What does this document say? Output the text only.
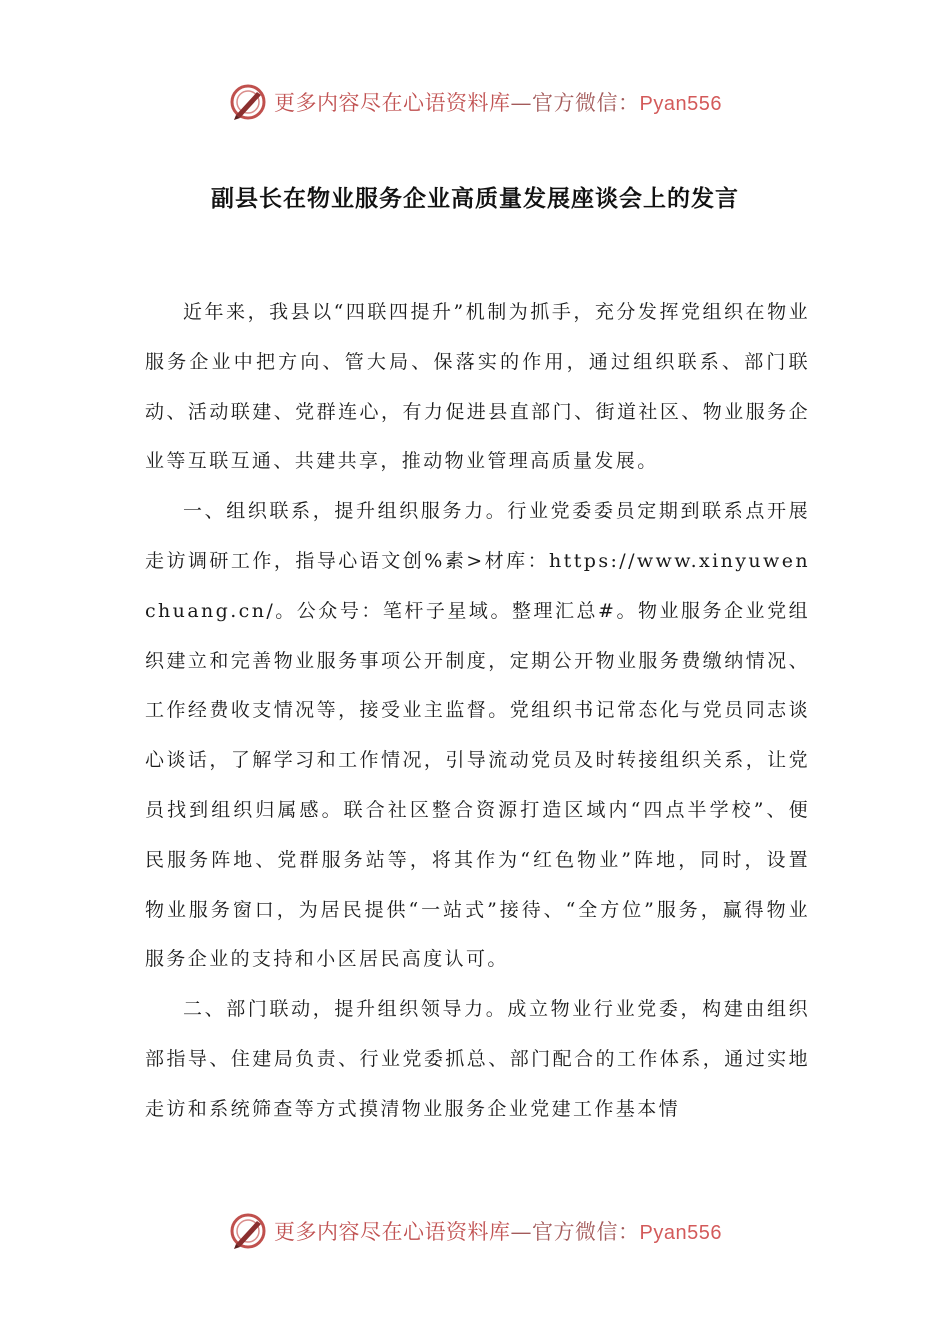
更多内容尽在心语资料库—官方微信：Pyan556
副县长在物业服务企业高质量发展座谈会上的发言

近年来，我县以“四联四提升”机制为抓手，充分发挥党组织在物业服务企业中把方向、管大局、保落实的作用，通过组织联系、部门联动、活动联建、党群连心，有力促进县直部门、街道社区、物业服务企业等互联互通、共建共享，推动物业管理高质量发展。

一、组织联系，提升组织服务力。行业党委委员定期到联系点开展走访调研工作，指导心语文创%素>材库：https://www.xinyuwenchuang.cn/。公众号：笔杆子星域。整理汇总#。物业服务企业党组织建立和完善物业服务事项公开制度，定期公开物业服务费缴纳情况、工作经费收支情况等，接受业主监督。党组织书记常态化与党员同志谈心谈话，了解学习和工作情况，引导流动党员及时转接组织关系，让党员找到组织归属感。联合社区整合资源打造区域内“四点半学校”、便民服务阵地、党群服务站等，将其作为“红色物业”阵地，同时，设置物业服务窗口，为居民提供“一站式”接待、“全方位”服务，赢得物业服务企业的支持和小区居民高度认可。

二、部门联动，提升组织领导力。成立物业行业党委，构建由组织部指导、住建局负责、行业党委抓总、部门配合的工作体系，通过实地走访和系统筛查等方式摸清物业服务企业党建工作基本情

更多内容尽在心语资料库—官方微信：Pyan556
